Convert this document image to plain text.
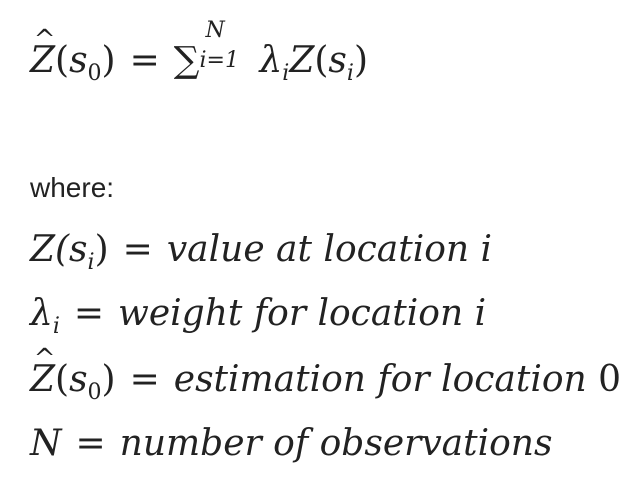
^ $Z(s_0)$ = ∑
N
i=1 $\lambda_iZ(s_i)$
where:
$Z(s_i)$ = value at location i
$\lambda_i$ = weight for location i
^ $Z(s_0)$ = estimation for location 0
N = number of observations
